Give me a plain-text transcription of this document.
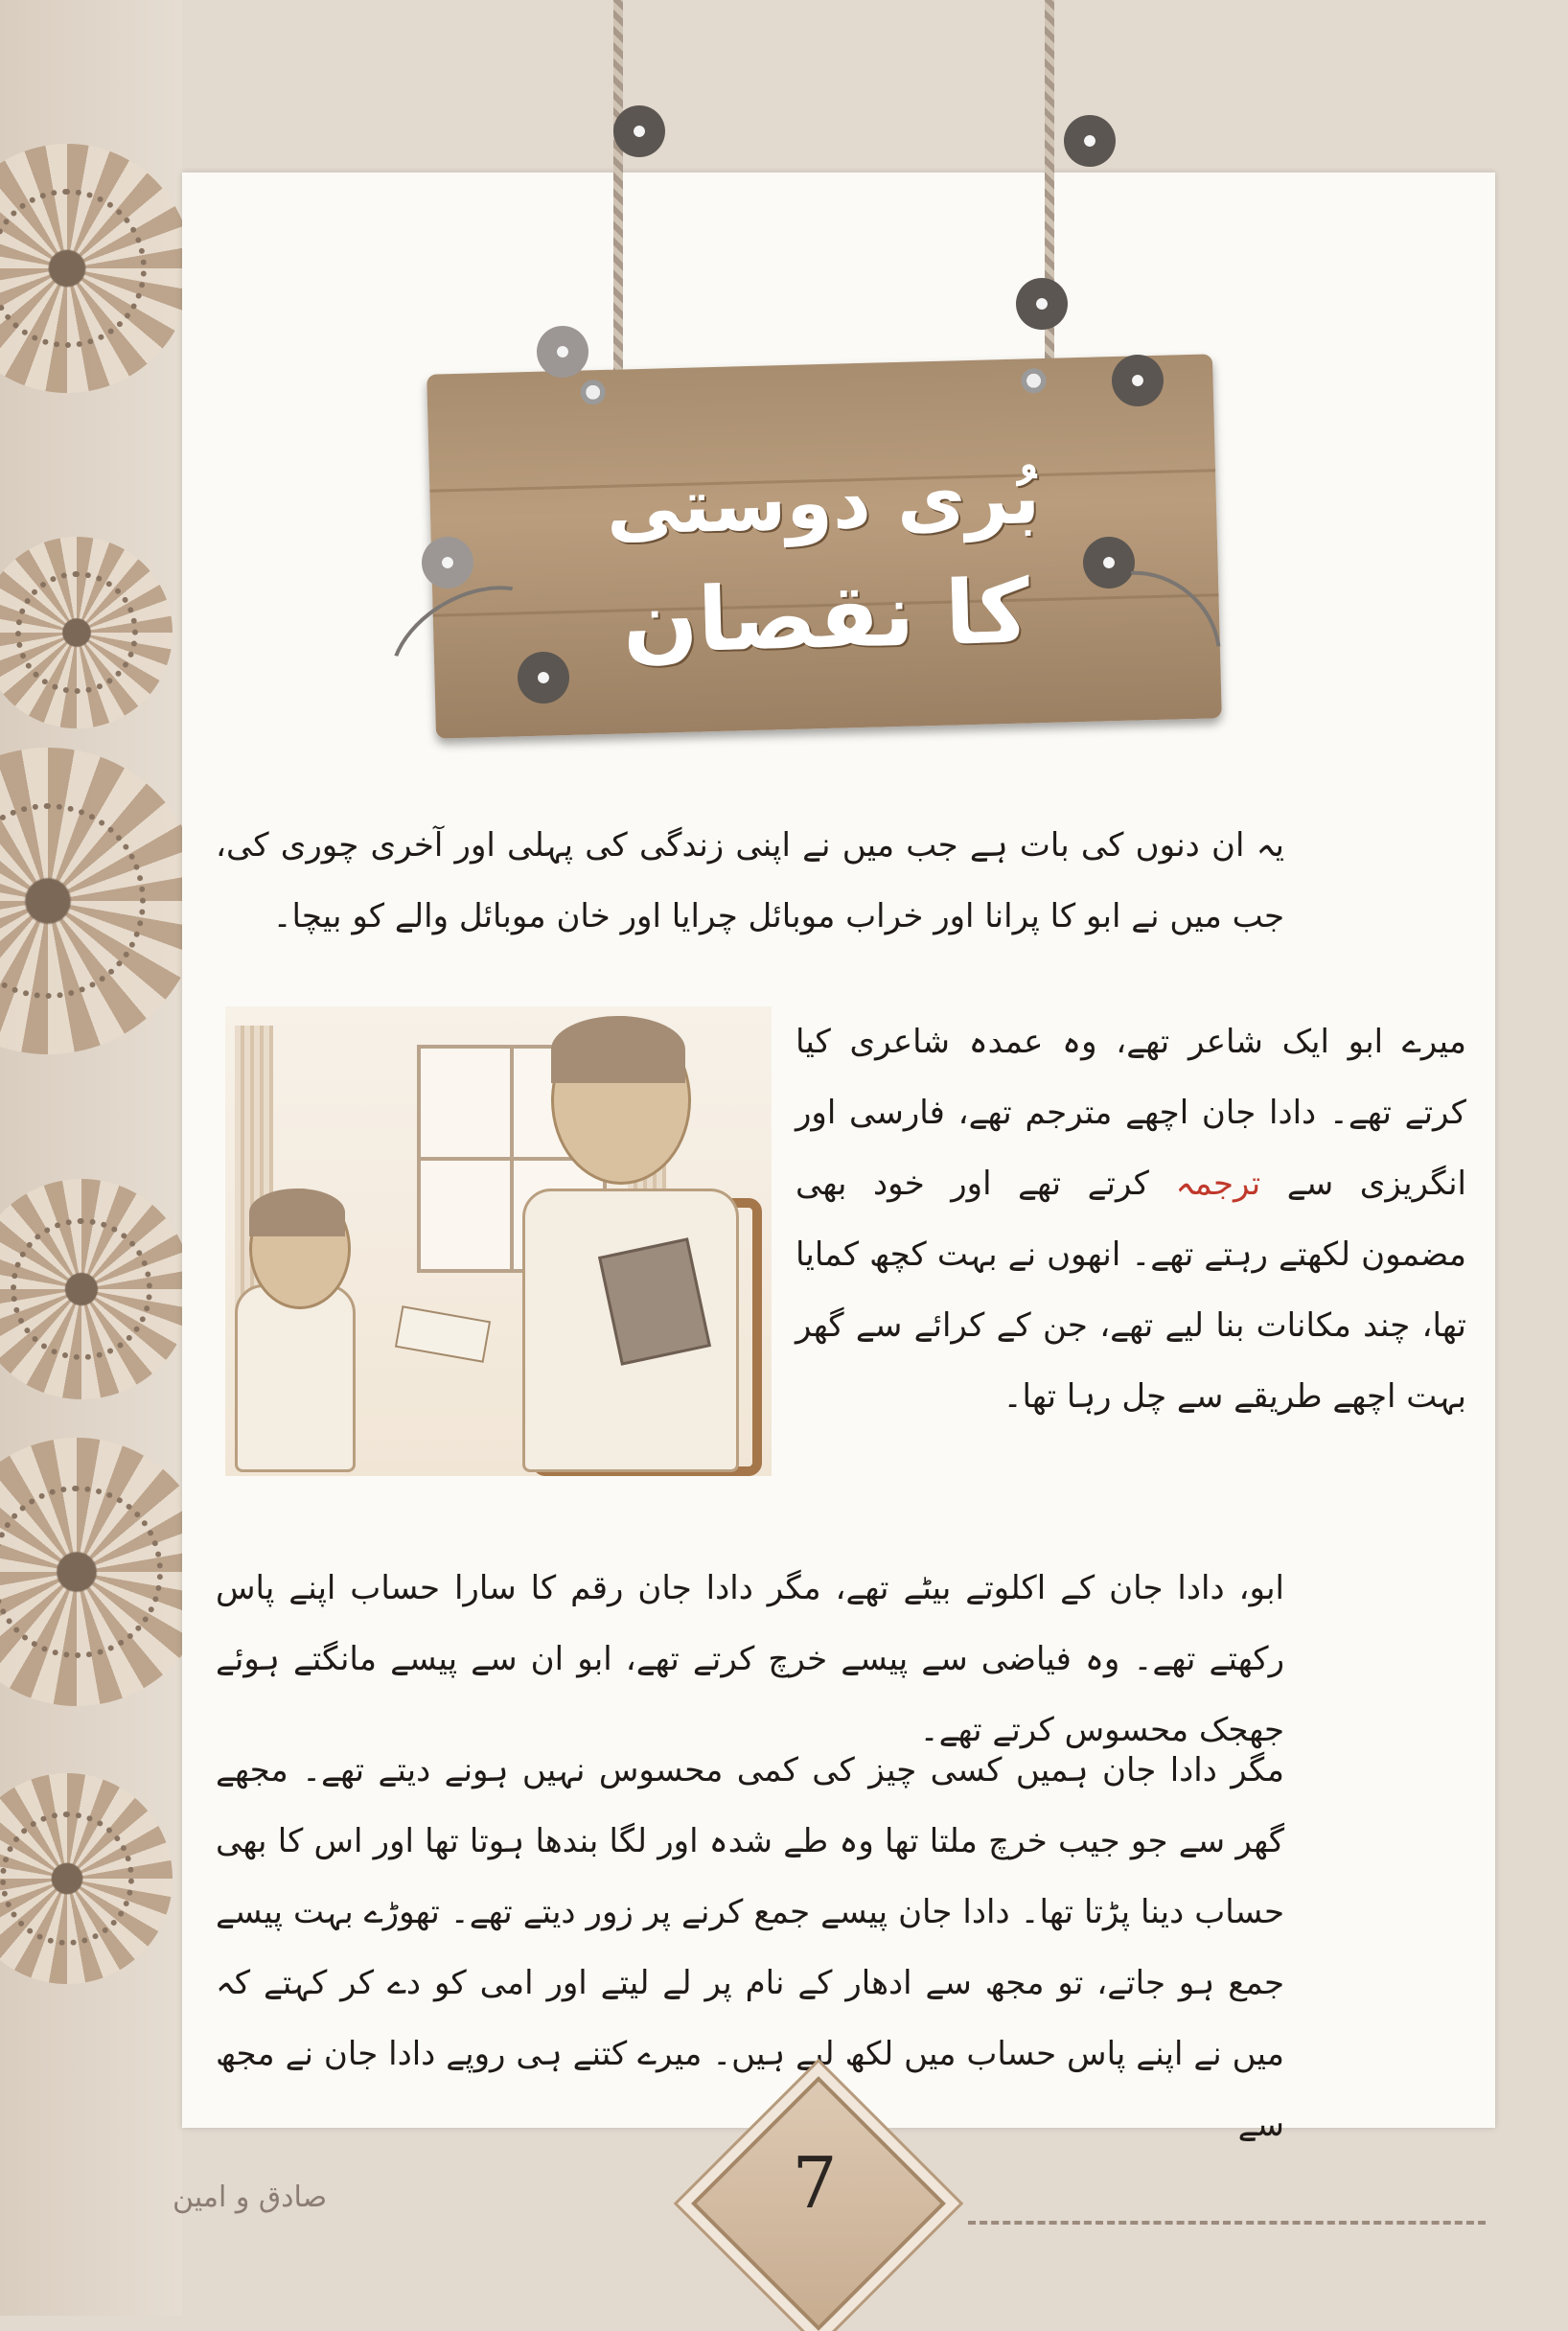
بُری دوستی
کا نقصان
یہ ان دنوں کی بات ہے جب میں نے اپنی زندگی کی پہلی اور آخری چوری کی، جب میں نے ابو کا پرانا اور خراب موبائل چرایا اور خان موبائل والے کو بیچا۔
میرے ابو ایک شاعر تھے، وہ عمدہ شاعری کیا کرتے تھے۔ دادا جان اچھے مترجم تھے، فارسی اور انگریزی سے ترجمہ کرتے تھے اور خود بھی مضمون لکھتے رہتے تھے۔ انھوں نے بہت کچھ کمایا تھا، چند مکانات بنا لیے تھے، جن کے کرائے سے گھر بہت اچھے طریقے سے چل رہا تھا۔
ابو، دادا جان کے اکلوتے بیٹے تھے، مگر دادا جان رقم کا سارا حساب اپنے پاس رکھتے تھے۔ وہ فیاضی سے پیسے خرچ کرتے تھے، ابو ان سے پیسے مانگتے ہوئے جھجک محسوس کرتے تھے۔
مگر دادا جان ہمیں کسی چیز کی کمی محسوس نہیں ہونے دیتے تھے۔ مجھے گھر سے جو جیب خرچ ملتا تھا وہ طے شدہ اور لگا بندھا ہوتا تھا اور اس کا بھی حساب دینا پڑتا تھا۔ دادا جان پیسے جمع کرنے پر زور دیتے تھے۔ تھوڑے بہت پیسے جمع ہو جاتے، تو مجھ سے ادھار کے نام پر لے لیتے اور امی کو دے کر کہتے کہ میں نے اپنے پاس حساب میں لکھ لیے ہیں۔ میرے کتنے ہی روپے دادا جان نے مجھ سے
7
صادق و امین
